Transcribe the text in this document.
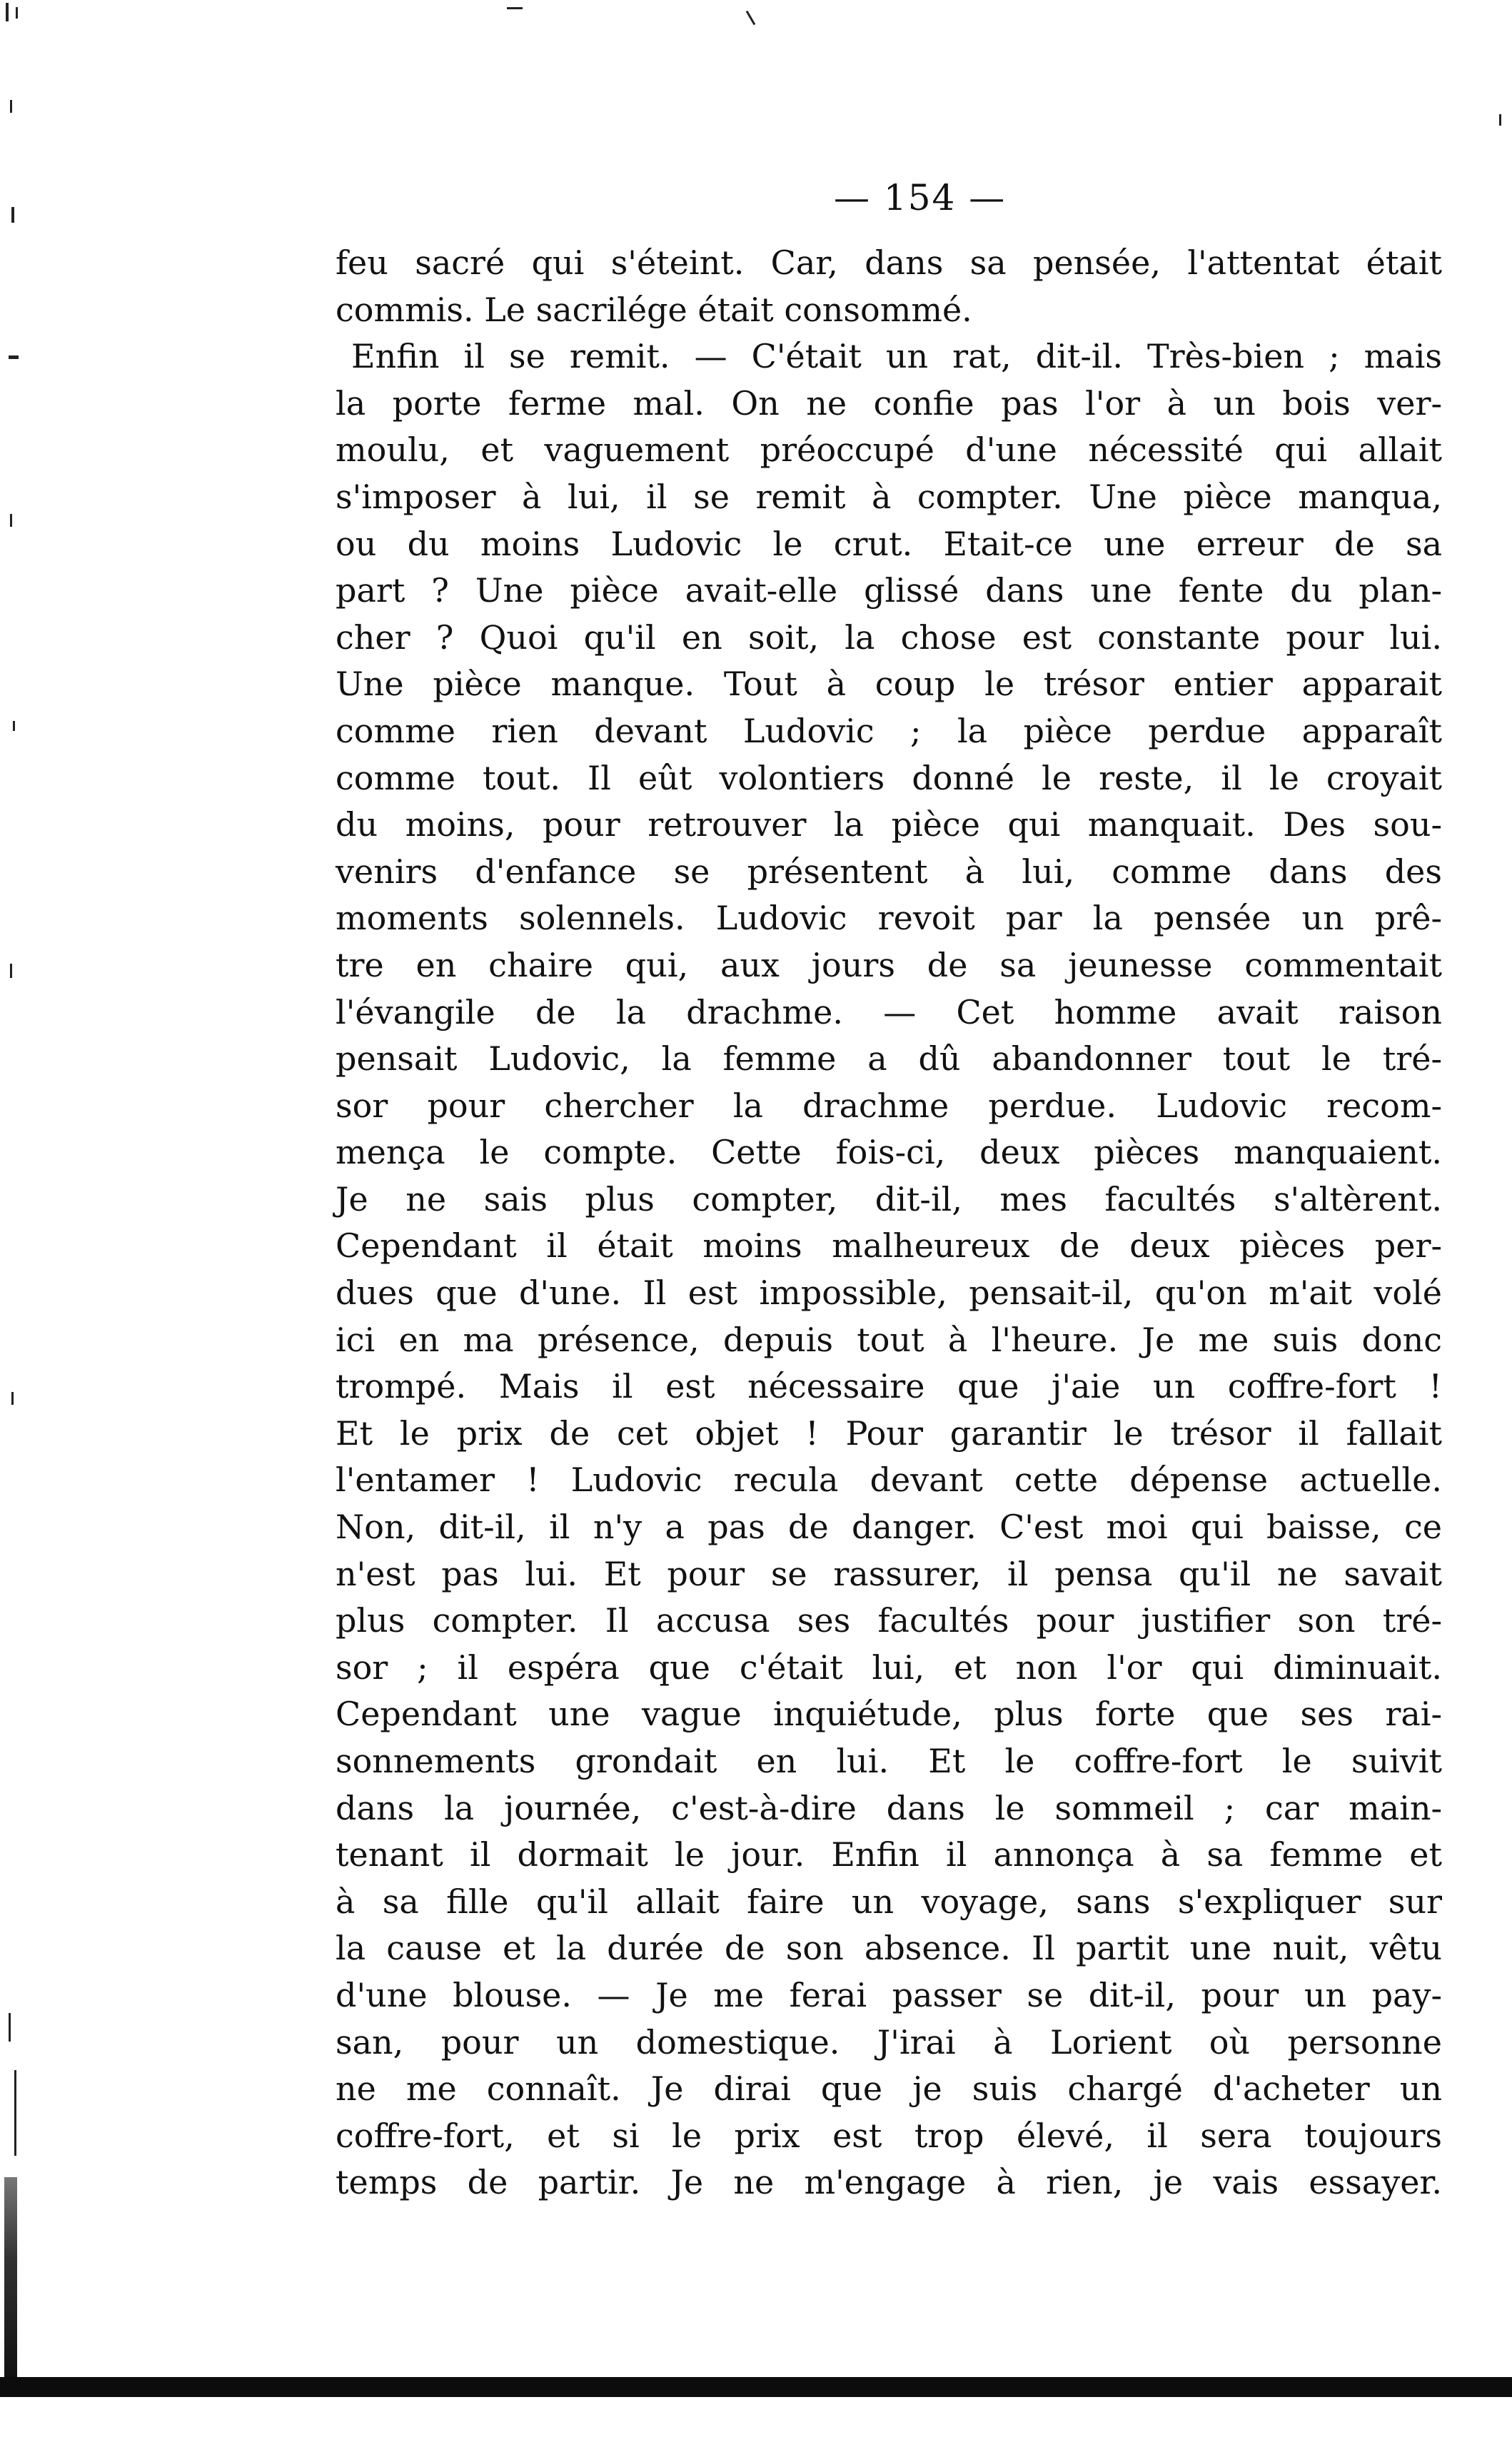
— 154 —
feu sacré qui s'éteint. Car, dans sa pensée, l'attentat était
commis. Le sacrilége était consommé.
Enfin il se remit. — C'était un rat, dit-il. Très-bien ; mais
la porte ferme mal. On ne confie pas l'or à un bois ver-
moulu, et vaguement préoccupé d'une nécessité qui allait
s'imposer à lui, il se remit à compter. Une pièce manqua,
ou du moins Ludovic le crut. Etait-ce une erreur de sa
part ? Une pièce avait-elle glissé dans une fente du plan-
cher ? Quoi qu'il en soit, la chose est constante pour lui.
Une pièce manque. Tout à coup le trésor entier apparait
comme rien devant Ludovic ; la pièce perdue apparaît
comme tout. Il eût volontiers donné le reste, il le croyait
du moins, pour retrouver la pièce qui manquait. Des sou-
venirs d'enfance se présentent à lui, comme dans des
moments solennels. Ludovic revoit par la pensée un prê-
tre en chaire qui, aux jours de sa jeunesse commentait
l'évangile de la drachme. — Cet homme avait raison
pensait Ludovic, la femme a dû abandonner tout le tré-
sor pour chercher la drachme perdue. Ludovic recom-
mença le compte. Cette fois-ci, deux pièces manquaient.
Je ne sais plus compter, dit-il, mes facultés s'altèrent.
Cependant il était moins malheureux de deux pièces per-
dues que d'une. Il est impossible, pensait-il, qu'on m'ait volé
ici en ma présence, depuis tout à l'heure. Je me suis donc
trompé. Mais il est nécessaire que j'aie un coffre-fort !
Et le prix de cet objet ! Pour garantir le trésor il fallait
l'entamer ! Ludovic recula devant cette dépense actuelle.
Non, dit-il, il n'y a pas de danger. C'est moi qui baisse, ce
n'est pas lui. Et pour se rassurer, il pensa qu'il ne savait
plus compter. Il accusa ses facultés pour justifier son tré-
sor ; il espéra que c'était lui, et non l'or qui diminuait.
Cependant une vague inquiétude, plus forte que ses rai-
sonnements grondait en lui. Et le coffre-fort le suivit
dans la journée, c'est-à-dire dans le sommeil ; car main-
tenant il dormait le jour. Enfin il annonça à sa femme et
à sa fille qu'il allait faire un voyage, sans s'expliquer sur
la cause et la durée de son absence. Il partit une nuit, vêtu
d'une blouse. — Je me ferai passer se dit-il, pour un pay-
san, pour un domestique. J'irai à Lorient où personne
ne me connaît. Je dirai que je suis chargé d'acheter un
coffre-fort, et si le prix est trop élevé, il sera toujours
temps de partir. Je ne m'engage à rien, je vais essayer.
